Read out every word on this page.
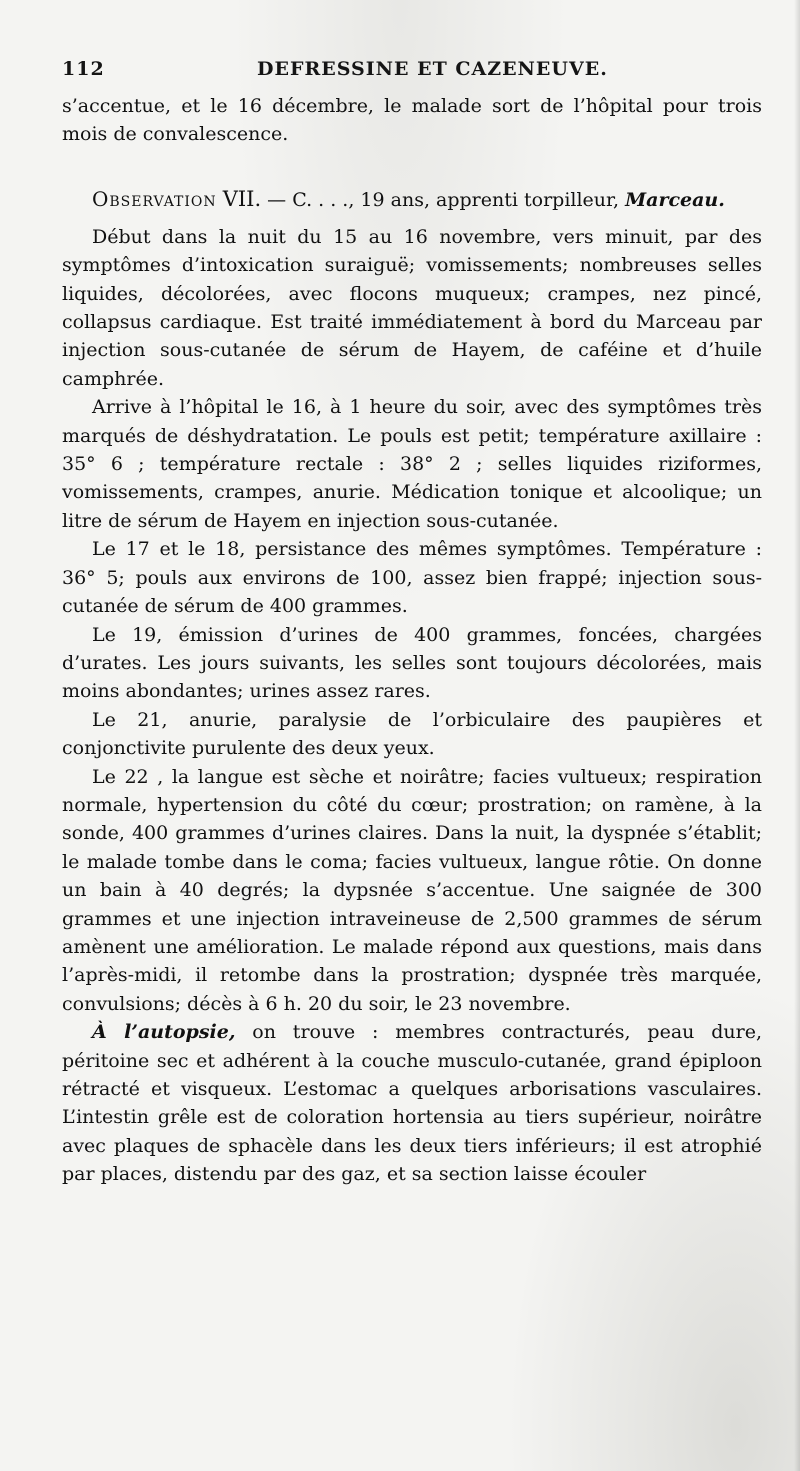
112	DEFRESSINE ET CAZENEUVE.

s’accentue, et le 16 décembre, le malade sort de l’hôpital pour trois mois de convalescence.

Observation VII. — C. . . ., 19 ans, apprenti torpilleur, Marceau.

Début dans la nuit du 15 au 16 novembre, vers minuit, par des symptômes d’intoxication suraiguë; vomissements; nombreuses selles liquides, décolorées, avec flocons muqueux; crampes, nez pincé, collapsus cardiaque. Est traité immédiatement à bord du Marceau par injection sous-cutanée de sérum de Hayem, de caféine et d’huile camphrée.

Arrive à l’hôpital le 16, à 1 heure du soir, avec des symptômes très marqués de déshydratation. Le pouls est petit; température axillaire : 35° 6 ; température rectale : 38° 2 ; selles liquides riziformes, vomissements, crampes, anurie. Médication tonique et alcoolique; un litre de sérum de Hayem en injection sous-cutanée.

Le 17 et le 18, persistance des mêmes symptômes. Température : 36° 5; pouls aux environs de 100, assez bien frappé; injection sous-cutanée de sérum de 400 grammes.

Le 19, émission d’urines de 400 grammes, foncées, chargées d’urates. Les jours suivants, les selles sont toujours décolorées, mais moins abondantes; urines assez rares.

Le 21, anurie, paralysie de l’orbiculaire des paupières et conjonctivite purulente des deux yeux.

Le 22 , la langue est sèche et noirâtre; facies vultueux; respiration normale, hypertension du côté du cœur; prostration; on ramène, à la sonde, 400 grammes d’urines claires. Dans la nuit, la dyspnée s’établit; le malade tombe dans le coma; facies vultueux, langue rôtie. On donne un bain à 40 degrés; la dypsnée s’accentue. Une saignée de 300 grammes et une injection intraveineuse de 2,500 grammes de sérum amènent une amélioration. Le malade répond aux questions, mais dans l’après-midi, il retombe dans la prostration; dyspnée très marquée, convulsions; décès à 6 h. 20 du soir, le 23 novembre.

À l’autopsie, on trouve : membres contracturés, peau dure, péritoine sec et adhérent à la couche musculo-cutanée, grand épiploon rétracté et visqueux. L’estomac a quelques arborisations vasculaires. L’intestin grêle est de coloration hortensia au tiers supérieur, noirâtre avec plaques de sphacèle dans les deux tiers inférieurs; il est atrophié par places, distendu par des gaz, et sa section laisse écouler
